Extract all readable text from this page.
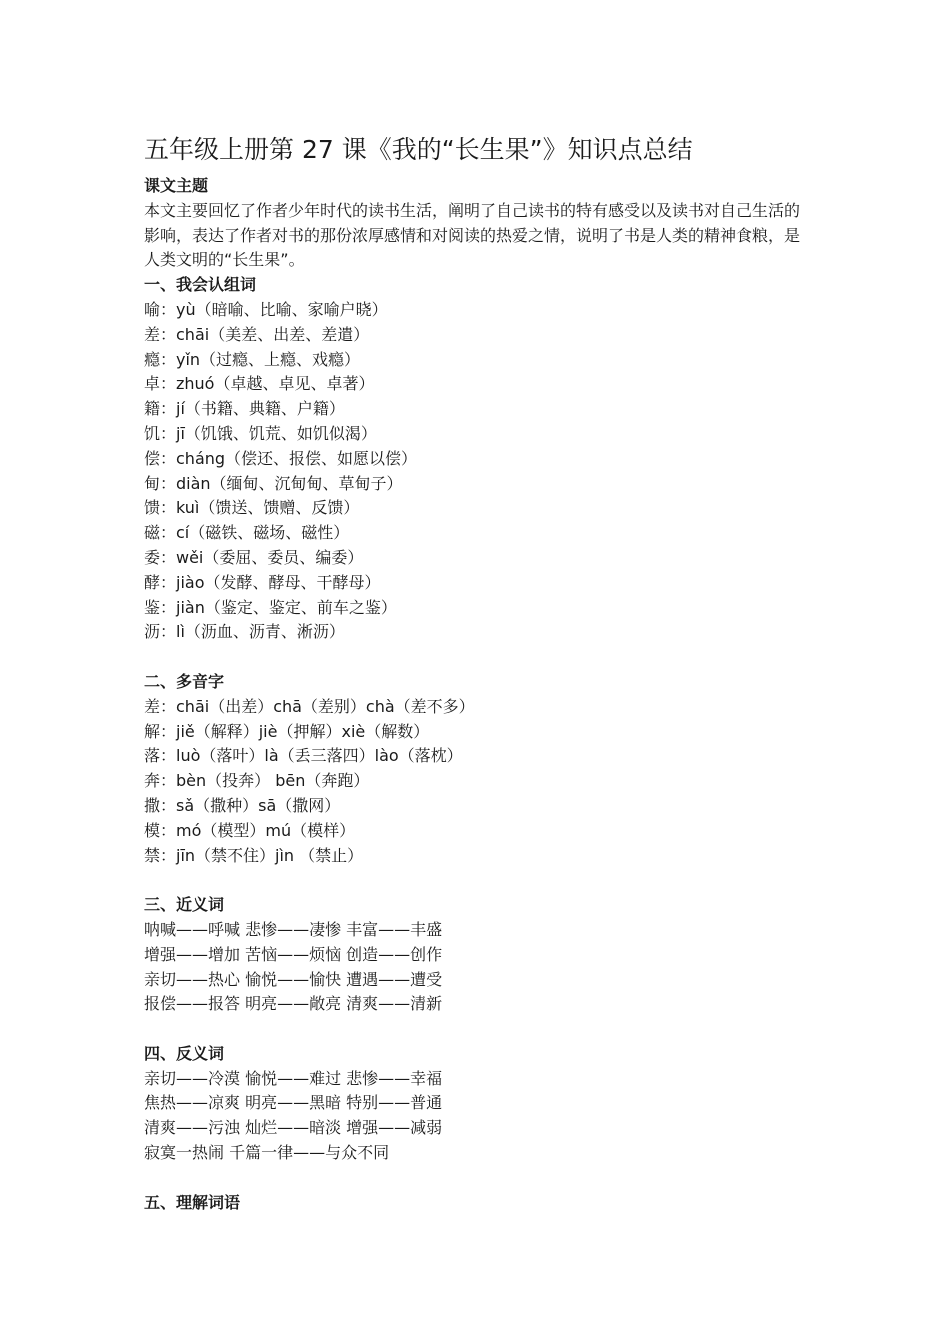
五年级上册第 27 课《我的“长生果”》知识点总结
课文主题

本文主要回忆了作者少年时代的读书生活，阐明了自己读书的特有感受以及读书对自己生活的影响，表达了作者对书的那份浓厚感情和对阅读的热爱之情，说明了书是人类的精神食粮，是人类文明的“长生果”。

一、我会认组词
喻：yù（暗喻、比喻、家喻户晓）
差：chāi（美差、出差、差遣）
瘾：yǐn（过瘾、上瘾、戏瘾）
卓：zhuó（卓越、卓见、卓著）
籍：jí（书籍、典籍、户籍）
饥：jī（饥饿、饥荒、如饥似渴）
偿：cháng（偿还、报偿、如愿以偿）
甸：diàn（缅甸、沉甸甸、草甸子）
馈：kuì（馈送、馈赠、反馈）
磁：cí（磁铁、磁场、磁性）
委：wěi（委屈、委员、编委）
酵：jiào（发酵、酵母、干酵母）
鉴：jiàn（鉴定、鉴定、前车之鉴）
沥：lì（沥血、沥青、淅沥）
二、多音字
差：chāi（出差）chā（差别）chà（差不多）
解：jiě（解释）jiè（押解）xiè（解数）
落：luò（落叶）là（丢三落四）lào（落枕）
奔：bèn（投奔） bēn（奔跑）
撒：sǎ（撒种）sā（撒网）
模：mó（模型）mú（模样）
禁：jīn（禁不住）jìn （禁止）
三、近义词
呐喊——呼喊 悲惨——凄惨 丰富——丰盛
增强——增加 苦恼——烦恼 创造——创作
亲切——热心 愉悦——愉快 遭遇——遭受
报偿——报答 明亮——敞亮 清爽——清新
四、反义词
亲切——冷漠 愉悦——难过 悲惨——幸福
焦热——凉爽 明亮——黑暗 特别——普通
清爽——污浊 灿烂——暗淡 增强——减弱
寂寞一热闹 千篇一律——与众不同
五、理解词语
